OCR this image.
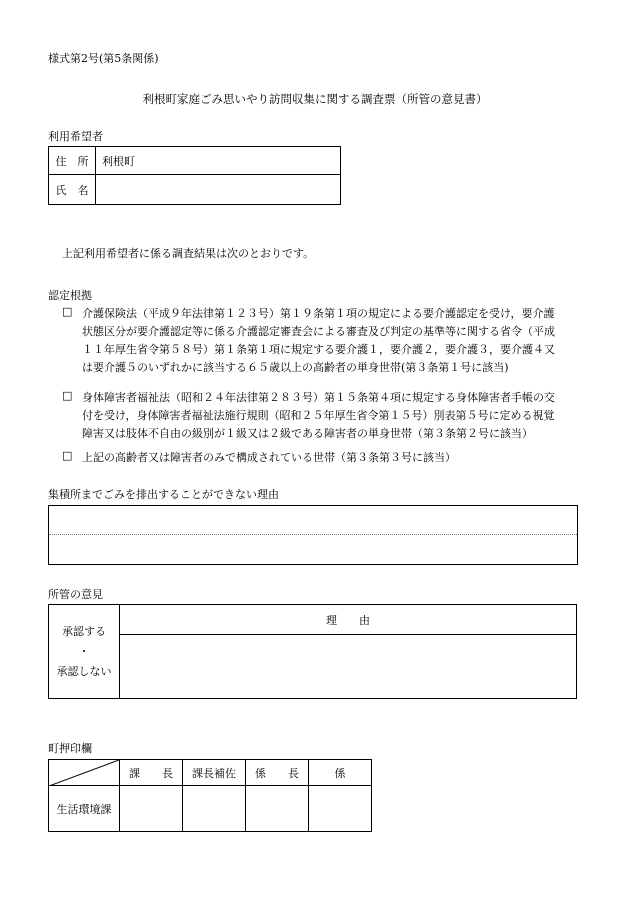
様式第2号(第5条関係)
利根町家庭ごみ思いやり訪問収集に関する調査票（所管の意見書）
利用希望者
住　所	利根町
氏　名	
上記利用希望者に係る調査結果は次のとおりです。
認定根拠
□ 介護保険法（平成９年法律第１２３号）第１９条第１項の規定による要介護認定を受け，要介護
状態区分が要介護認定等に係る介護認定審査会による審査及び判定の基準等に関する省令（平成
１１年厚生省令第５８号）第１条第１項に規定する要介護１，要介護２，要介護３，要介護４又
は要介護５のいずれかに該当する６５歳以上の高齢者の単身世帯(第３条第１号に該当)
□ 身体障害者福祉法（昭和２４年法律第２８３号）第１５条第４項に規定する身体障害者手帳の交
付を受け，身体障害者福祉法施行規則（昭和２５年厚生省令第１５号）別表第５号に定める視覚
障害又は肢体不自由の級別が１級又は２級である障害者の単身世帯（第３条第２号に該当）
□ 上記の高齢者又は障害者のみで構成されている世帯（第３条第３号に該当）
集積所までごみを排出することができない理由
所管の意見
承認する
・
承認しない
	理　　由

町押印欄
	課　　長	課長補佐	係　　長	係
生活環境課				
